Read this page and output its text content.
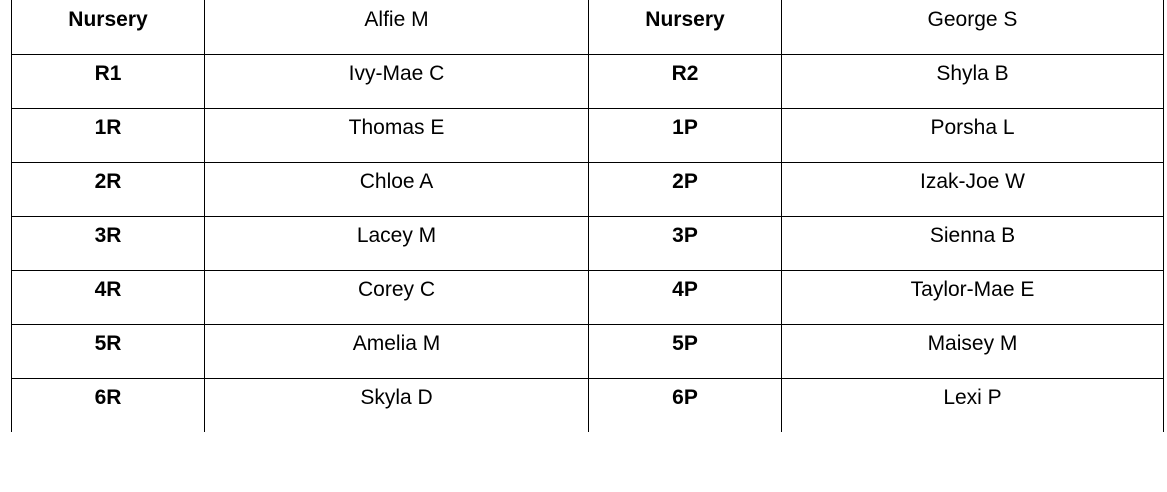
Nursery	Alfie M	Nursery	George S
R1	Ivy-Mae C	R2	Shyla B
1R	Thomas E	1P	Porsha L
2R	Chloe A	2P	Izak-Joe W
3R	Lacey M	3P	Sienna B
4R	Corey C	4P	Taylor-Mae E
5R	Amelia M	5P	Maisey M
6R	Skyla D	6P	Lexi P
